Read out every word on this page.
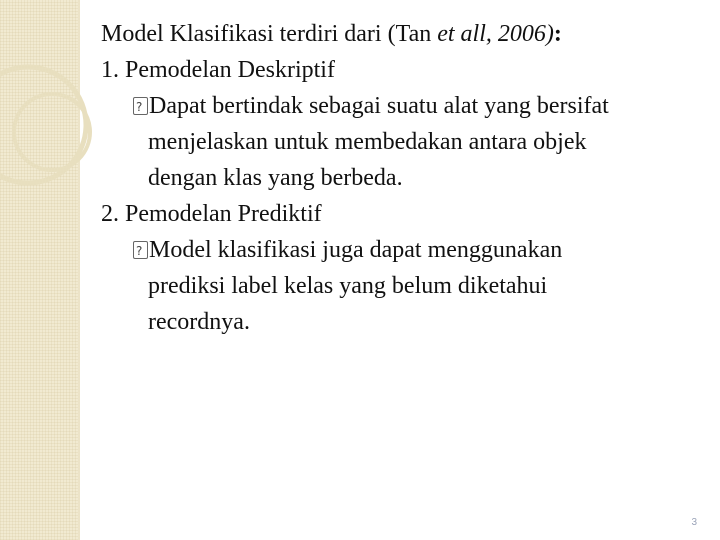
Model Klasifikasi terdiri dari (Tan et all, 2006):
1. Pemodelan Deskriptif
?Dapat bertindak sebagai suatu alat yang bersifat
menjelaskan untuk membedakan antara objek
dengan klas yang berbeda.
2. Pemodelan Prediktif
?Model klasifikasi juga dapat menggunakan
prediksi label kelas yang belum diketahui
recordnya.
3
